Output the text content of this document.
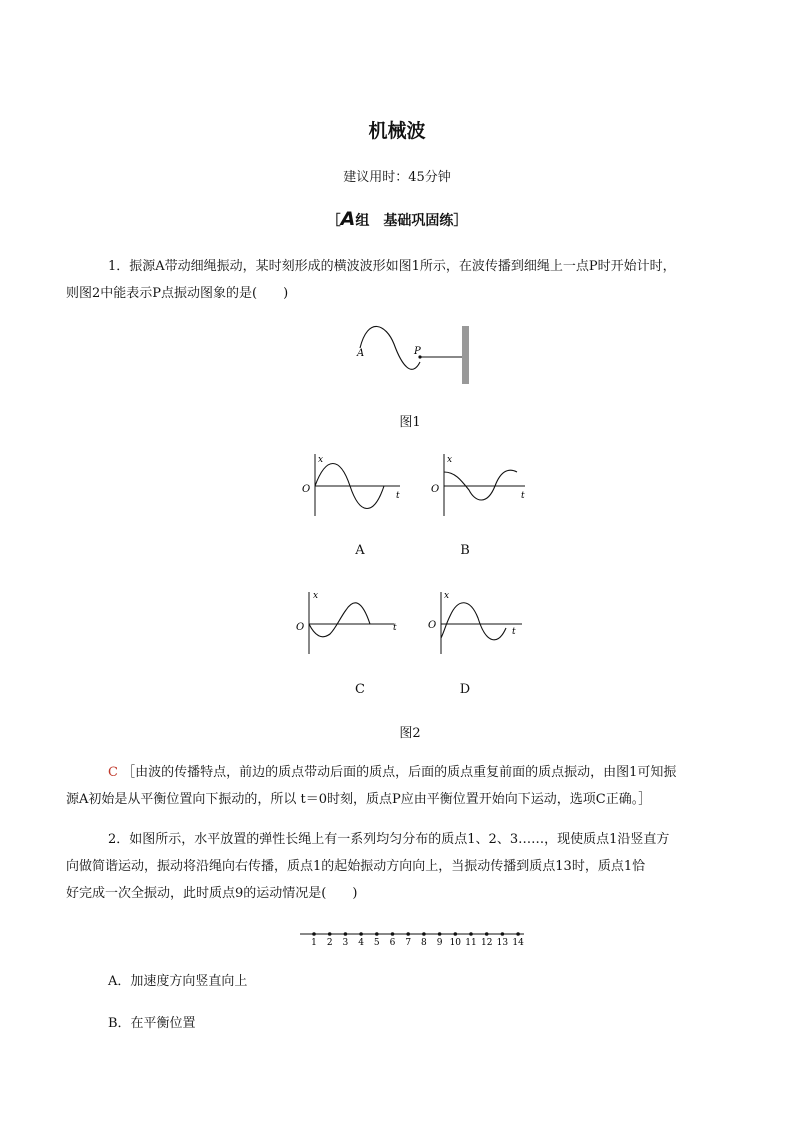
机械波
建议用时：45分钟
［A组　基础巩固练］
1．振源A带动细绳振动，某时刻形成的横波波形如图1所示，在波传播到细绳上一点P时开始计时，
则图2中能表示P点振动图象的是(　　)
A	P
图1
x
O
t
A
x
O
t
B
x
O	t
C
x
O
t
D
图2
C ［由波的传播特点，前边的质点带动后面的质点，后面的质点重复前面的质点振动，由图1可知振
源A初始是从平衡位置向下振动的，所以 t＝0时刻，质点P应由平衡位置开始向下运动，选项C正确。］
2．如图所示，水平放置的弹性长绳上有一系列均匀分布的质点1、2、3……，现使质点1沿竖直方
向做简谐运动，振动将沿绳向右传播，质点1的起始振动方向向上，当振动传播到质点13时，质点1恰
好完成一次全振动，此时质点9的运动情况是(　　)
1 2 3 4 5 6 7 8 9 10 11 12 13 14
A．加速度方向竖直向上
B．在平衡位置
